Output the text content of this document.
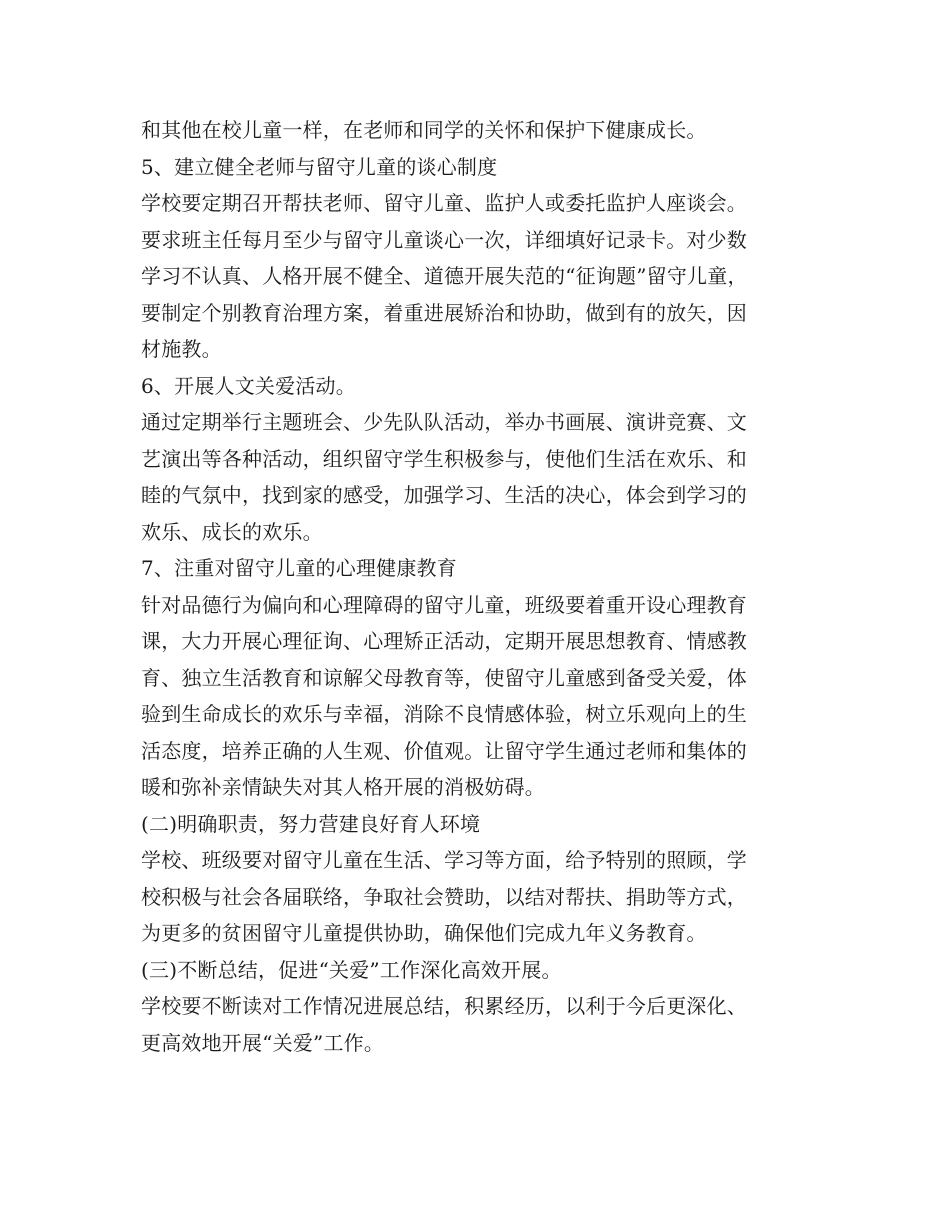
和其他在校儿童一样，在老师和同学的关怀和保护下健康成长。
5、建立健全老师与留守儿童的谈心制度
学校要定期召开帮扶老师、留守儿童、监护人或委托监护人座谈会。
要求班主任每月至少与留守儿童谈心一次，详细填好记录卡。对少数
学习不认真、人格开展不健全、道德开展失范的“征询题”留守儿童，
要制定个别教育治理方案，着重进展矫治和协助，做到有的放矢，因
材施教。
6、开展人文关爱活动。
通过定期举行主题班会、少先队队活动，举办书画展、演讲竞赛、文
艺演出等各种活动，组织留守学生积极参与，使他们生活在欢乐、和
睦的气氛中，找到家的感受，加强学习、生活的决心，体会到学习的
欢乐、成长的欢乐。
7、注重对留守儿童的心理健康教育
针对品德行为偏向和心理障碍的留守儿童，班级要着重开设心理教育
课，大力开展心理征询、心理矫正活动，定期开展思想教育、情感教
育、独立生活教育和谅解父母教育等，使留守儿童感到备受关爱，体
验到生命成长的欢乐与幸福，消除不良情感体验，树立乐观向上的生
活态度，培养正确的人生观、价值观。让留守学生通过老师和集体的
暖和弥补亲情缺失对其人格开展的消极妨碍。
(二)明确职责，努力营建良好育人环境
学校、班级要对留守儿童在生活、学习等方面，给予特别的照顾，学
校积极与社会各届联络，争取社会赞助，以结对帮扶、捐助等方式，
为更多的贫困留守儿童提供协助，确保他们完成九年义务教育。
(三)不断总结，促进“关爱”工作深化高效开展。
学校要不断读对工作情况进展总结，积累经历，以利于今后更深化、
更高效地开展“关爱”工作。
